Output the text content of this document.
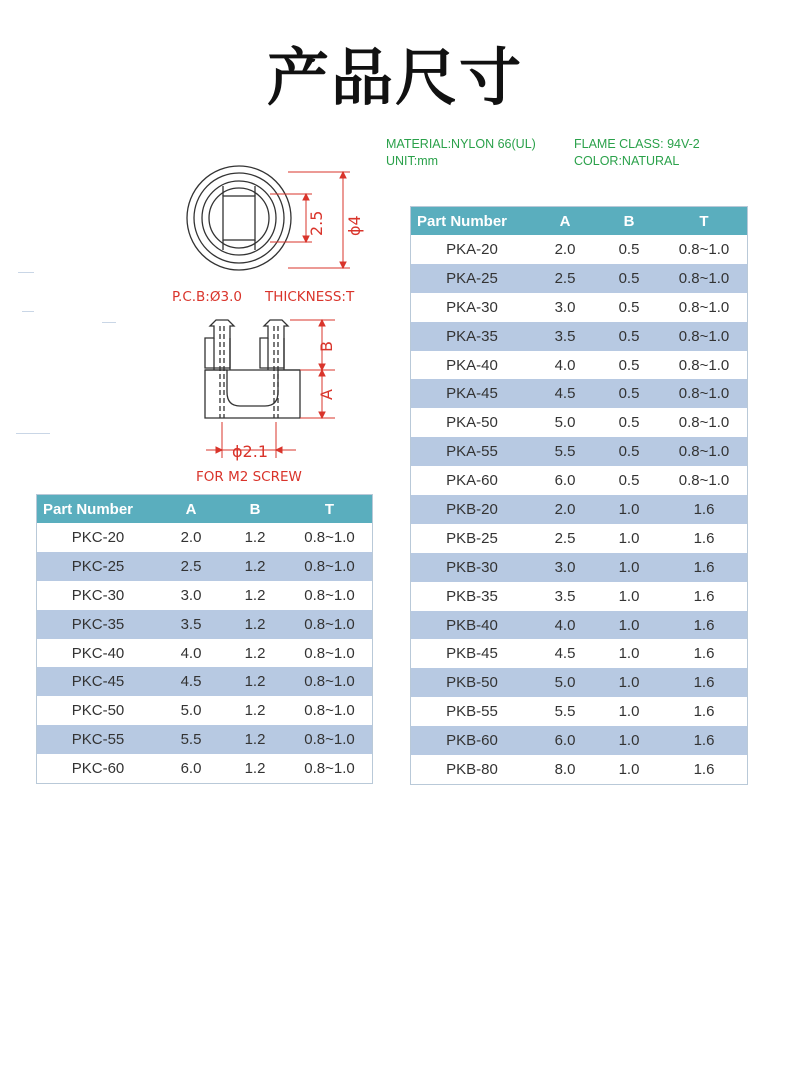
产品尺寸
MATERIAL:NYLON 66(UL)	FLAME CLASS: 94V-2
UNIT:mm	COLOR:NATURAL
2.5 ϕ4
P.C.B:Ø3.0 THICKNESS:T
B
A
ϕ2.1
FOR M2 SCREW
Part Number	A	B	T
PKC-20	2.0	1.2	0.8~1.0
PKC-25	2.5	1.2	0.8~1.0
PKC-30	3.0	1.2	0.8~1.0
PKC-35	3.5	1.2	0.8~1.0
PKC-40	4.0	1.2	0.8~1.0
PKC-45	4.5	1.2	0.8~1.0
PKC-50	5.0	1.2	0.8~1.0
PKC-55	5.5	1.2	0.8~1.0
PKC-60	6.0	1.2	0.8~1.0
Part Number	A	B	T
PKA-20	2.0	0.5	0.8~1.0
PKA-25	2.5	0.5	0.8~1.0
PKA-30	3.0	0.5	0.8~1.0
PKA-35	3.5	0.5	0.8~1.0
PKA-40	4.0	0.5	0.8~1.0
PKA-45	4.5	0.5	0.8~1.0
PKA-50	5.0	0.5	0.8~1.0
PKA-55	5.5	0.5	0.8~1.0
PKA-60	6.0	0.5	0.8~1.0
PKB-20	2.0	1.0	1.6
PKB-25	2.5	1.0	1.6
PKB-30	3.0	1.0	1.6
PKB-35	3.5	1.0	1.6
PKB-40	4.0	1.0	1.6
PKB-45	4.5	1.0	1.6
PKB-50	5.0	1.0	1.6
PKB-55	5.5	1.0	1.6
PKB-60	6.0	1.0	1.6
PKB-80	8.0	1.0	1.6
